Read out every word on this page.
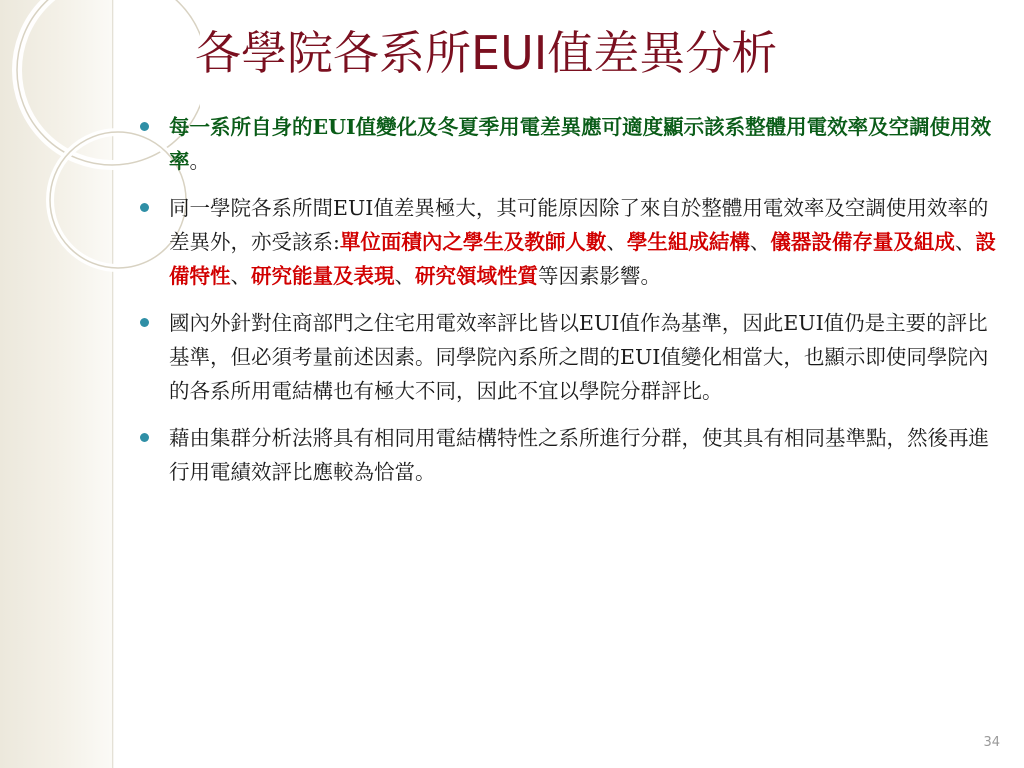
各學院各系所EUI值差異分析
每一系所自身的EUI值變化及冬夏季用電差異應可適度顯示該系整體用電效率及空調使用效率。
同一學院各系所間EUI值差異極大，其可能原因除了來自於整體用電效率及空調使用效率的差異外，亦受該系:單位面積內之學生及教師人數、學生組成結構、儀器設備存量及組成、設備特性、研究能量及表現、研究領域性質等因素影響。
國內外針對住商部門之住宅用電效率評比皆以EUI值作為基準，因此EUI值仍是主要的評比基準，但必須考量前述因素。同學院內系所之間的EUI值變化相當大，也顯示即使同學院內的各系所用電結構也有極大不同，因此不宜以學院分群評比。
藉由集群分析法將具有相同用電結構特性之系所進行分群，使其具有相同基準點，然後再進行用電績效評比應較為恰當。
34
